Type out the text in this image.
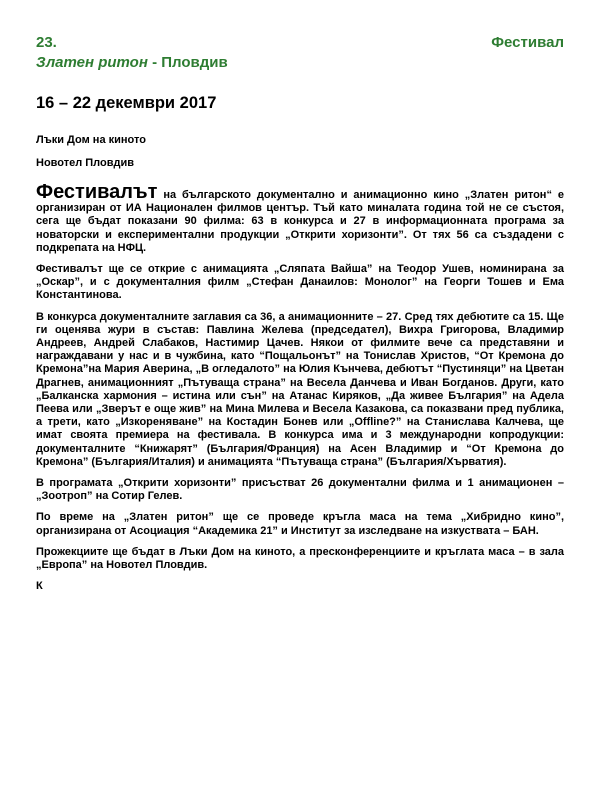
23.	Фестивал
Златен ритон - Пловдив
16 – 22 декември 2017
Лъки Дом на киното
Новотел Пловдив

Фестивалът на българското документално и анимационно кино „Златен ритон“ е организиран от ИА Национален филмов център. Тъй като миналата година той не се състоя, сега ще бъдат показани 90 филма: 63 в конкурса и 27 в информационната програма за новаторски и експериментални продукции „Открити хоризонти”. От тях 56 са създадени с подкрепата на НФЦ.

Фестивалът ще се открие с анимацията „Сляпата Вайша” на Теодор Ушев, номинирана за „Оскар”, и с документалния филм „Стефан Данаилов: Монолог” на Георги Тошев и Ема Константинова.

В конкурса документалните заглавия са 36, а анимационните – 27. Сред тях дебютите са 15. Ще ги оценява жури в състав: Павлина Желева (председател), Вихра Григорова, Владимир Андреев, Андрей Слабаков, Настимир Цачев. Някои от филмите вече са представяни и награждавани у нас и в чужбина, като “Пощальонът” на Тонислав Христов, “От Кремона до Кремона”на Мария Аверина, „В огледалото” на Юлия Кънчева, дебютът “Пустиняци” на Цветан Драгнев, анимационният „Пътуваща страна” на Весела Данчева и Иван Богданов. Други, като „Балканска хармония – истина или сън” на Атанас Киряков, „Да живее България” на Адела Пеева или „Зверът е още жив” на Мина Милева и Весела Казакова, са показвани пред публика, а трети, като „Изкореняване” на Костадин Бонев или „Offline?” на Станислава Калчева, ще имат своята премиера на фестивала. В конкурса има и 3 международни копродукции: документалните “Книжарят” (България/Франция) на Асен Владимир и “От Кремона до Кремона” (България/Италия) и анимацията “Пътуваща страна” (България/Хърватия).

В програмата „Открити хоризонти” присъстват 26 документални филма и 1 анимационен – „Зоотроп” на Сотир Гелев.

По време на „Златен ритон” ще се проведе кръгла маса на тема „Хибридно кино”, организирана от Асоциация “Академика 21” и Институт за изследване на изкуствата – БАН.

Прожекциите ще бъдат в Лъки Дом на киното, а пресконференциите и кръглата маса – в зала „Европа” на Новотел Пловдив.

К
